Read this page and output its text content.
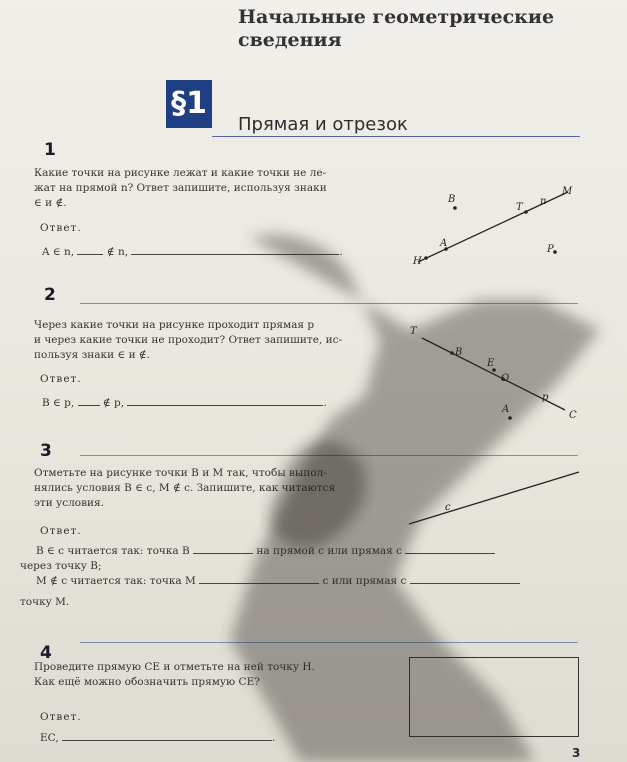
Начальные геометрические
сведения
§1
Прямая и отрезок
1
Какие точки на рисунке лежат и какие точки не ле-
жат на прямой n? Ответ запишите, используя знаки
∈ и ∉.
Ответ.
A ∈ n,	∉ n,	.
B	n
M
T
A
P
H
2
Через какие точки на рисунке проходит прямая p
и через какие точки не проходит? Ответ запишите, ис-
пользуя знаки ∈ и ∉.
Ответ.
B ∈ p,	∉ p,	.
T
B
E
O
p
A
C
3
Отметьте на рисунке точки B и M так, чтобы выпол-
нялись условия B ∈ c, M ∉ c. Запишите, как читаются
эти условия.
Ответ.
c
B ∈ c читается так: точка B	на прямой c или прямая c
через точку B;
M ∉ c читается так: точка M	c или прямая c
точку M.
4
Проведите прямую CE и отметьте на ней точку H.
Как ещё можно обозначить прямую CE?
Ответ.
EC,	.
3
